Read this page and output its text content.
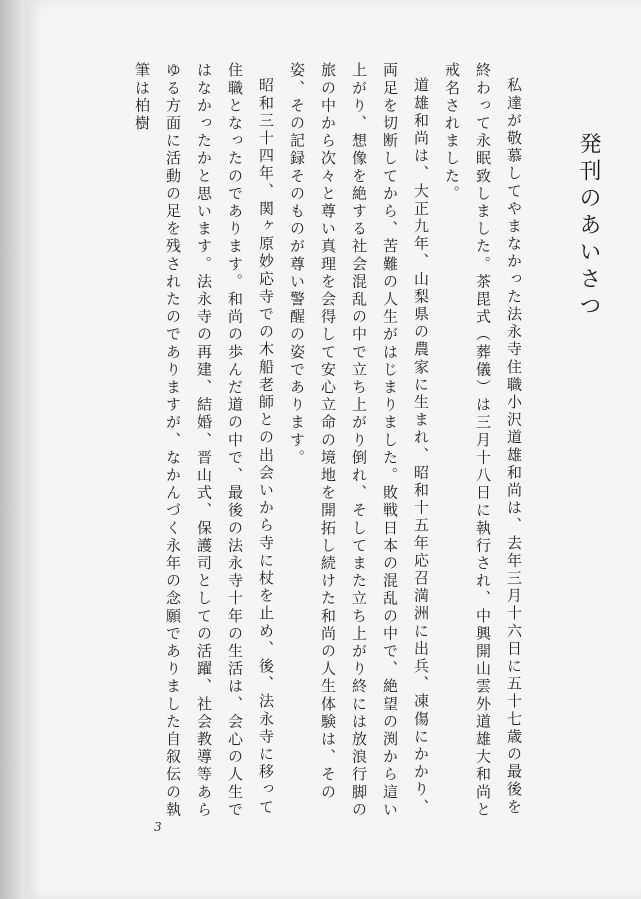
発刊のあいさつ

私達が敬慕してやまなかった法永寺住職小沢道雄和尚は、去年三月十六日に五十七歳の最後を終わって永眠致しました。茶毘式（葬儀）は三月十八日に執行され、中興開山雲外道雄大和尚と戒名されました。

道雄和尚は、大正九年、山梨県の農家に生まれ、昭和十五年応召満洲に出兵、凍傷にかかり、両足を切断してから、苦難の人生がはじまりました。敗戦日本の混乱の中で、絶望の渕から這い上がり、想像を絶する社会混乱の中で立ち上がり倒れ、そしてまた立ち上がり終には放浪行脚の旅の中から次々と尊い真理を会得して安心立命の境地を開拓し続けた和尚の人生体験は、その姿、その記録そのものが尊い警醒の姿であります。

昭和三十四年、関ヶ原妙応寺での木船老師との出会いから寺に杖を止め、後、法永寺に移って住職となったのであります。和尚の歩んだ道の中で、最後の法永寺十年の生活は、会心の人生ではなかったかと思います。法永寺の再建、結婚、晋山式、保護司としての活躍、社会教導等あらゆる方面に活動の足を残されたのでありますが、なかんづく永年の念願でありました自叙伝の執筆は柏樹

3
